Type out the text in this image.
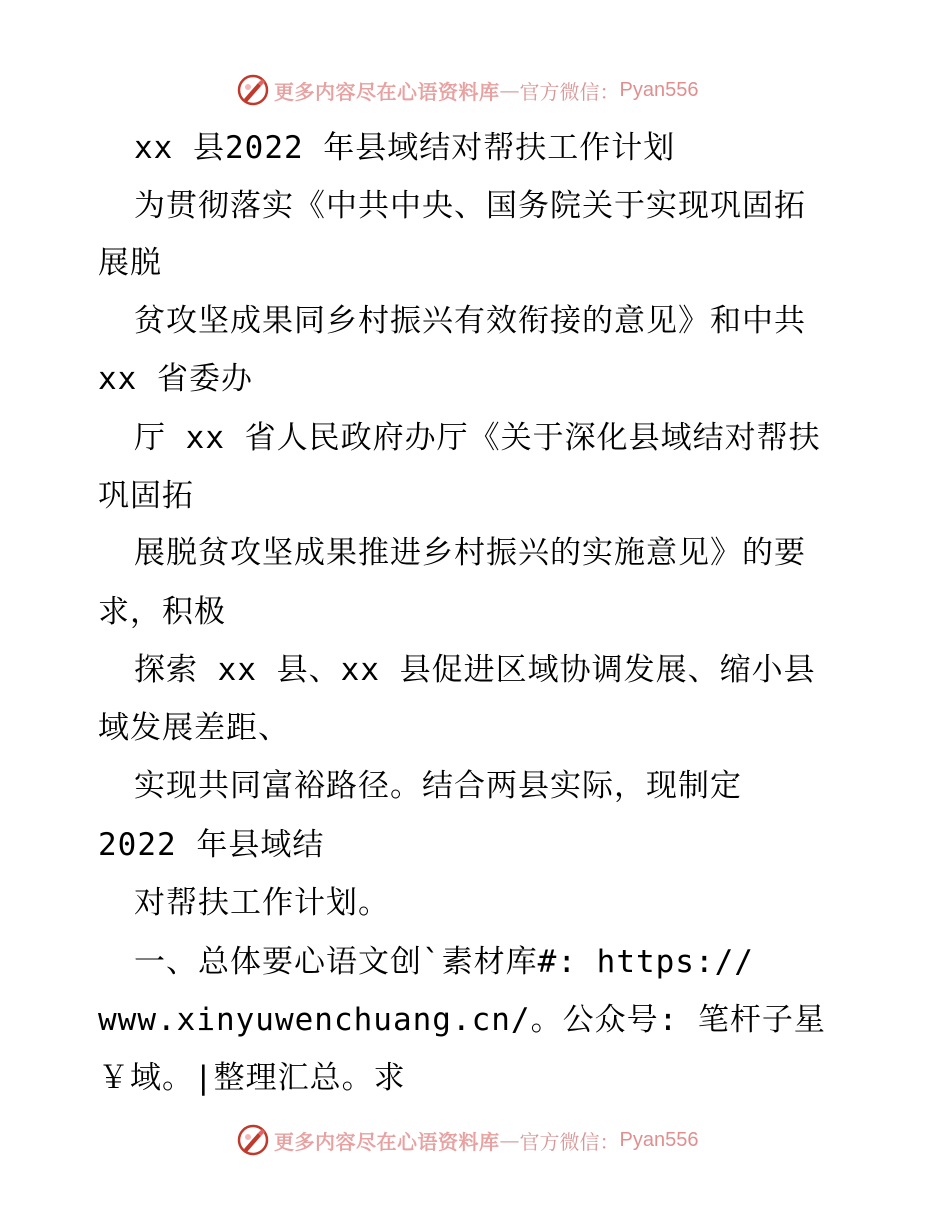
更多内容尽在心语资料库 — 官方微信： Pyan556
xx 县2022 年县域结对帮扶工作计划
为贯彻落实《中共中央、国务院关于实现巩固拓
展脱
贫攻坚成果同乡村振兴有效衔接的意见》和中共
xx 省委办
厅 xx 省人民政府办厅《关于深化县域结对帮扶
巩固拓
展脱贫攻坚成果推进乡村振兴的实施意见》的要
求，积极
探索 xx 县、xx 县促进区域协调发展、缩小县
域发展差距、
实现共同富裕路径。结合两县实际，现制定
2022 年县域结
对帮扶工作计划。
一、总体要心语文创`素材库#: https://
www.xinyuwenchuang.cn/。公众号: 笔杆子星
￥域。|整理汇总。求
更多内容尽在心语资料库 — 官方微信： Pyan556
